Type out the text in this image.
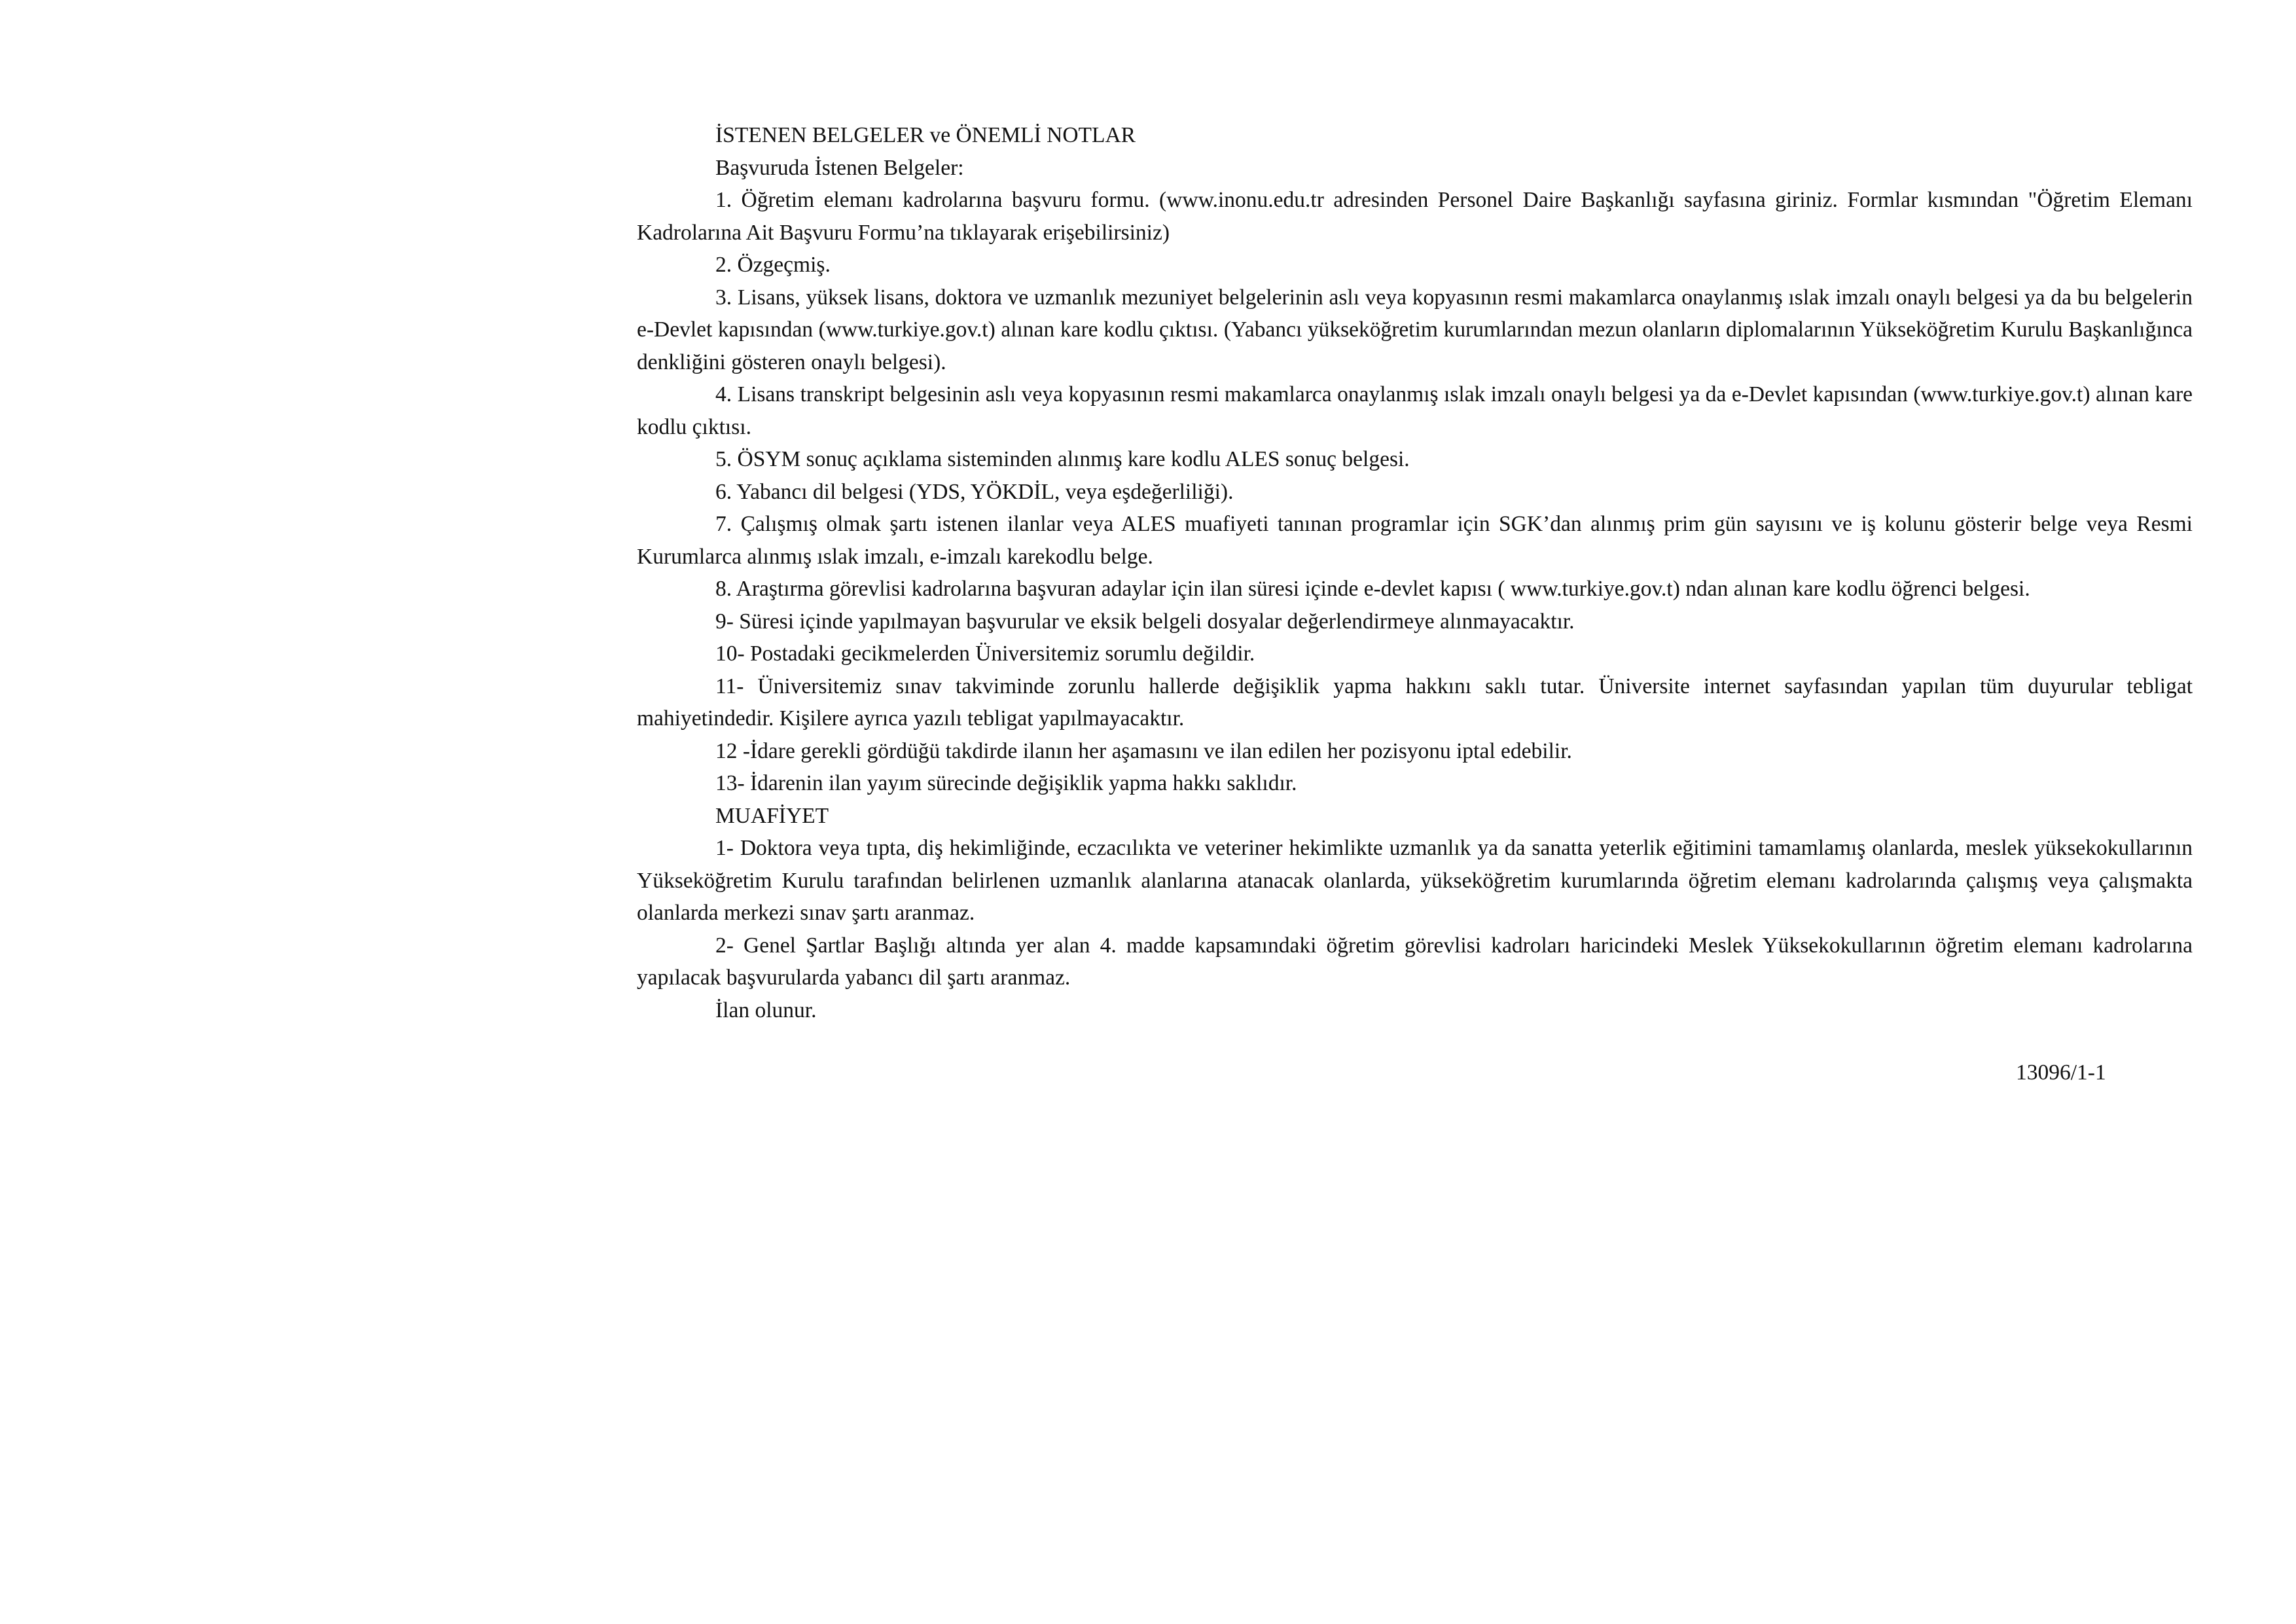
İSTENEN BELGELER ve ÖNEMLİ NOTLAR

Başvuruda İstenen Belgeler:

1. Öğretim elemanı kadrolarına başvuru formu. (www.inonu.edu.tr adresinden Personel Daire Başkanlığı sayfasına giriniz. Formlar kısmından "Öğretim Elemanı Kadrolarına Ait Başvuru Formu’na tıklayarak erişebilirsiniz)

2. Özgeçmiş.

3. Lisans, yüksek lisans, doktora ve uzmanlık mezuniyet belgelerinin aslı veya kopyasının resmi makamlarca onaylanmış ıslak imzalı onaylı belgesi ya da bu belgelerin e-Devlet kapısından (www.turkiye.gov.t) alınan kare kodlu çıktısı. (Yabancı yükseköğretim kurumlarından mezun olanların diplomalarının Yükseköğretim Kurulu Başkanlığınca denkliğini gösteren onaylı belgesi).

4. Lisans transkript belgesinin aslı veya kopyasının resmi makamlarca onaylanmış ıslak imzalı onaylı belgesi ya da e-Devlet kapısından (www.turkiye.gov.t) alınan kare kodlu çıktısı.

5. ÖSYM sonuç açıklama sisteminden alınmış kare kodlu ALES sonuç belgesi.

6. Yabancı dil belgesi (YDS, YÖKDİL, veya eşdeğerliliği).

7. Çalışmış olmak şartı istenen ilanlar veya ALES muafiyeti tanınan programlar için SGK’dan alınmış prim gün sayısını ve iş kolunu gösterir belge veya Resmi Kurumlarca alınmış ıslak imzalı, e-imzalı karekodlu belge.

8. Araştırma görevlisi kadrolarına başvuran adaylar için ilan süresi içinde e-devlet kapısı ( www.turkiye.gov.t) ndan alınan kare kodlu öğrenci belgesi.

9- Süresi içinde yapılmayan başvurular ve eksik belgeli dosyalar değerlendirmeye alınmayacaktır.

10- Postadaki gecikmelerden Üniversitemiz sorumlu değildir.

11- Üniversitemiz sınav takviminde zorunlu hallerde değişiklik yapma hakkını saklı tutar. Üniversite internet sayfasından yapılan tüm duyurular tebligat mahiyetindedir. Kişilere ayrıca yazılı tebligat yapılmayacaktır.

12 -İdare gerekli gördüğü takdirde ilanın her aşamasını ve ilan edilen her pozisyonu iptal edebilir.

13- İdarenin ilan yayım sürecinde değişiklik yapma hakkı saklıdır.

MUAFİYET

1- Doktora veya tıpta, diş hekimliğinde, eczacılıkta ve veteriner hekimlikte uzmanlık ya da sanatta yeterlik eğitimini tamamlamış olanlarda, meslek yüksekokullarının Yükseköğretim Kurulu tarafından belirlenen uzmanlık alanlarına atanacak olanlarda, yükseköğretim kurumlarında öğretim elemanı kadrolarında çalışmış veya çalışmakta olanlarda merkezi sınav şartı aranmaz.

2- Genel Şartlar Başlığı altında yer alan 4. madde kapsamındaki öğretim görevlisi kadroları haricindeki Meslek Yüksekokullarının öğretim elemanı kadrolarına yapılacak başvurularda yabancı dil şartı aranmaz.

İlan olunur.

13096/1-1
